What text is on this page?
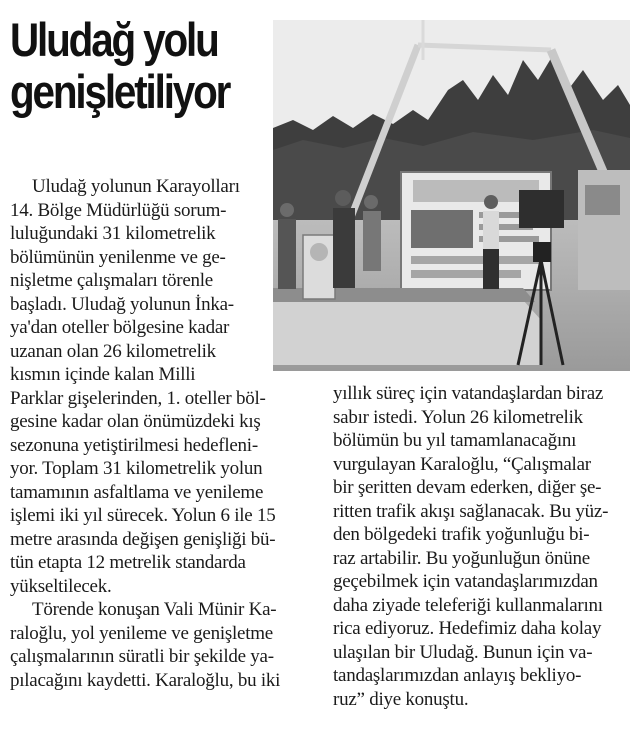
Uludağ yolu
genişletiliyor
Uludağ yolunun Karayolları
14. Bölge Müdürlüğü sorum-
luluğundaki 31 kilometrelik
bölümünün yenilenme ve ge-
nişletme çalışmaları törenle
başladı. Uludağ yolunun İnka-
ya'dan oteller bölgesine kadar
uzanan olan 26 kilometrelik
kısmın içinde kalan Milli
Parklar gişelerinden, 1. oteller böl-
gesine kadar olan önümüzdeki kış
sezonuna yetiştirilmesi hedefleni-
yor. Toplam 31 kilometrelik yolun
tamamının asfaltlama ve yenileme
işlemi iki yıl sürecek. Yolun 6 ile 15
metre arasında değişen genişliği bü-
tün etapta 12 metrelik standarda
yükseltilecek.
Törende konuşan Vali Münir Ka-
raloğlu, yol yenileme ve genişletme
çalışmalarının süratli bir şekilde ya-
pılacağını kaydetti. Karaloğlu, bu iki
yıllık süreç için vatandaşlardan biraz
sabır istedi. Yolun 26 kilometrelik
bölümün bu yıl tamamlanacağını
vurgulayan Karaloğlu, “Çalışmalar
bir şeritten devam ederken, diğer şe-
ritten trafik akışı sağlanacak. Bu yüz-
den bölgedeki trafik yoğunluğu bi-
raz artabilir. Bu yoğunluğun önüne
geçebilmek için vatandaşlarımızdan
daha ziyade teleferiği kullanmalarını
rica ediyoruz. Hedefimiz daha kolay
ulaşılan bir Uludağ. Bunun için va-
tandaşlarımızdan anlayış bekliyo-
ruz” diye konuştu.
